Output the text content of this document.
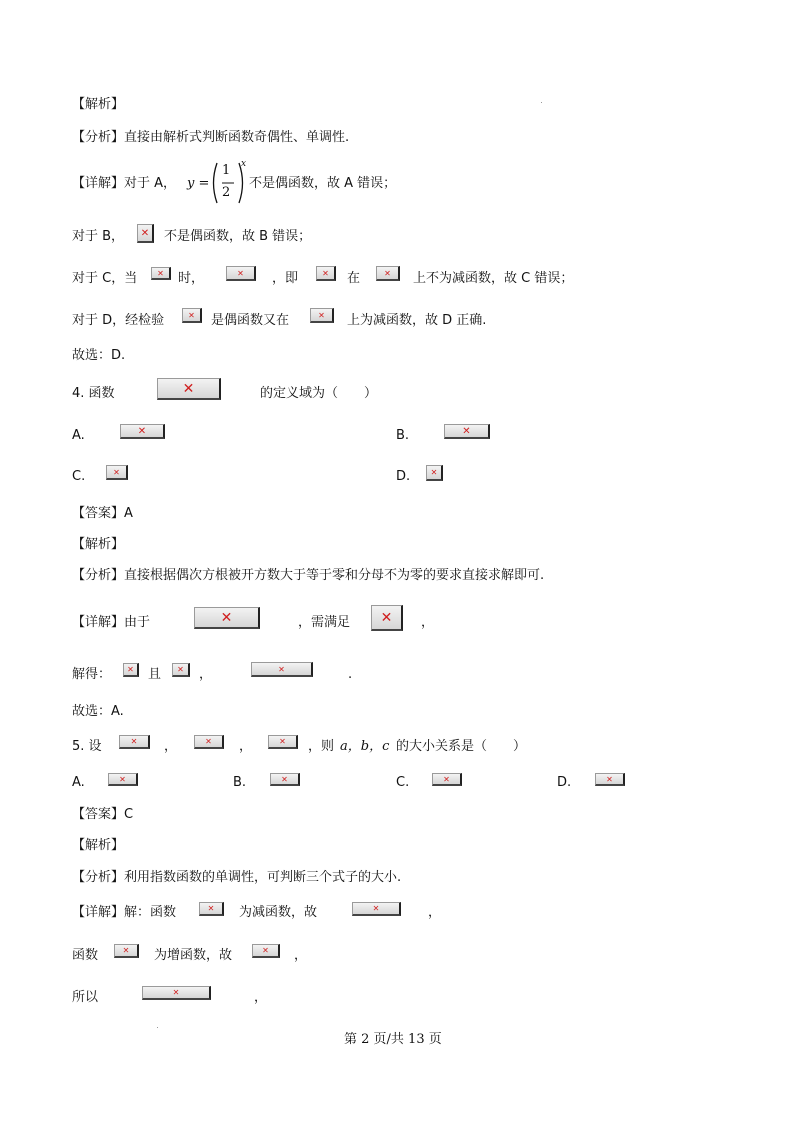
【解析】
【分析】直接由解析式判断函数奇偶性、单调性.
【详解】对于 A， y =
1
2
x
不是偶函数，故 A 错误；
对于 B，	✕	不是偶函数，故 B 错误；
对于 C，当	✕	时，	✕	，即	✕	在	✕	上不为减函数，故 C 错误；
对于 D，经检验	✕	是偶函数又在	✕	上为减函数，故 D 正确.
故选：D.
4. 函数	✕	的定义域为（　　）
A.	✕	B.	✕
C.	✕	D.	✕
【答案】A
【解析】
【分析】直接根据偶次方根被开方数大于等于零和分母不为零的要求直接求解即可.
【详解】由于	✕	，需满足	✕	，
解得：	✕	且	✕	，	✕	.
故选：A.
5. 设	✕	，	✕	，	✕	，则 a，b，c 的大小关系是（　　）
A.	✕	B.	✕	C.	✕	D.	✕
【答案】C
【解析】
【分析】利用指数函数的单调性，可判断三个式子的大小.
【详解】解：函数	✕	为减函数，故	✕	，
函数	✕	为增函数，故	✕	，
所以	✕	，
第 2 页/共 13 页
